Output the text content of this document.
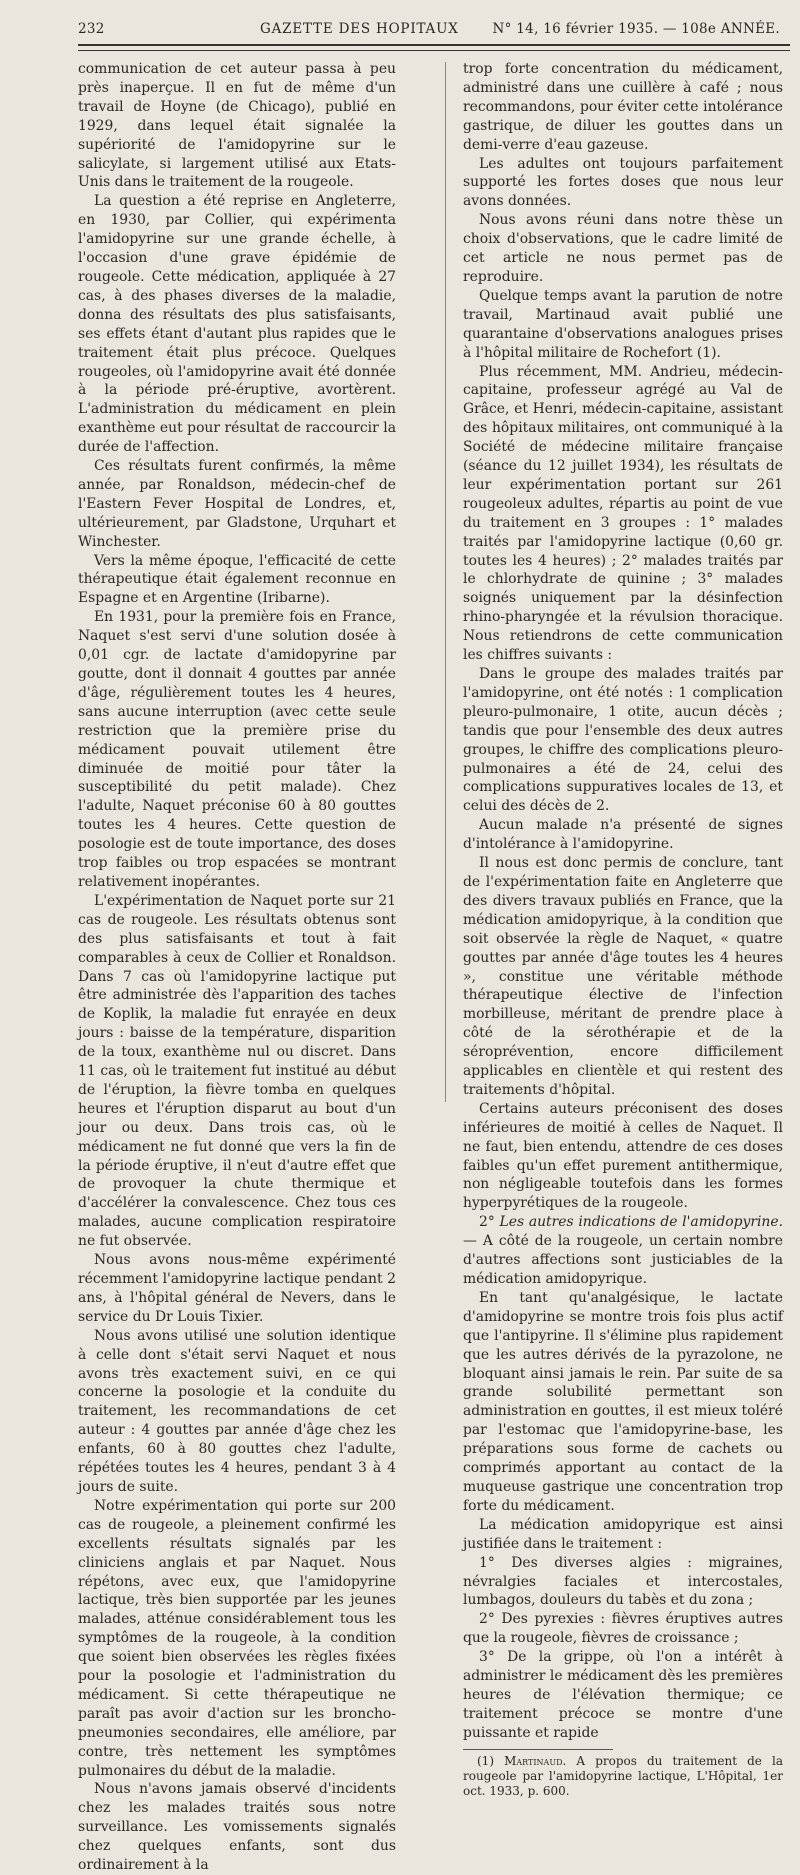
232	GAZETTE DES HOPITAUX	N° 14, 16 février 1935. — 108e ANNÉE.

communication de cet auteur passa à peu près inaperçue. Il en fut de même d'un travail de Hoyne (de Chicago), publié en 1929, dans lequel était signalée la supériorité de l'amidopyrine sur le salicylate, si largement utilisé aux Etats-Unis dans le traitement de la rougeole.

La question a été reprise en Angleterre, en 1930, par Collier, qui expérimenta l'amidopyrine sur une grande échelle, à l'occasion d'une grave épidémie de rougeole. Cette médication, appliquée à 27 cas, à des phases diverses de la maladie, donna des résultats des plus satisfaisants, ses effets étant d'autant plus rapides que le traitement était plus précoce. Quelques rougeoles, où l'amidopyrine avait été donnée à la période pré-éruptive, avortèrent. L'administration du médicament en plein exanthème eut pour résultat de raccourcir la durée de l'affection.

Ces résultats furent confirmés, la même année, par Ronaldson, médecin-chef de l'Eastern Fever Hospital de Londres, et, ultérieurement, par Gladstone, Urquhart et Winchester.

Vers la même époque, l'efficacité de cette thérapeutique était également reconnue en Espagne et en Argentine (Iribarne).

En 1931, pour la première fois en France, Naquet s'est servi d'une solution dosée à 0,01 cgr. de lactate d'amidopyrine par goutte, dont il donnait 4 gouttes par année d'âge, régulièrement toutes les 4 heures, sans aucune interruption (avec cette seule restriction que la première prise du médicament pouvait utilement être diminuée de moitié pour tâter la susceptibilité du petit malade). Chez l'adulte, Naquet préconise 60 à 80 gouttes toutes les 4 heures. Cette question de posologie est de toute importance, des doses trop faibles ou trop espacées se montrant relativement inopérantes.

L'expérimentation de Naquet porte sur 21 cas de rougeole. Les résultats obtenus sont des plus satisfaisants et tout à fait comparables à ceux de Collier et Ronaldson. Dans 7 cas où l'amidopyrine lactique put être administrée dès l'apparition des taches de Koplik, la maladie fut enrayée en deux jours : baisse de la température, disparition de la toux, exanthème nul ou discret. Dans 11 cas, où le traitement fut institué au début de l'éruption, la fièvre tomba en quelques heures et l'éruption disparut au bout d'un jour ou deux. Dans trois cas, où le médicament ne fut donné que vers la fin de la période éruptive, il n'eut d'autre effet que de provoquer la chute thermique et d'accélérer la convalescence. Chez tous ces malades, aucune complication respiratoire ne fut observée.

Nous avons nous-même expérimenté récemment l'amidopyrine lactique pendant 2 ans, à l'hôpital général de Nevers, dans le service du Dr Louis Tixier.

Nous avons utilisé une solution identique à celle dont s'était servi Naquet et nous avons très exactement suivi, en ce qui concerne la posologie et la conduite du traitement, les recommandations de cet auteur : 4 gouttes par année d'âge chez les enfants, 60 à 80 gouttes chez l'adulte, répétées toutes les 4 heures, pendant 3 à 4 jours de suite.

Notre expérimentation qui porte sur 200 cas de rougeole, a pleinement confirmé les excellents résultats signalés par les cliniciens anglais et par Naquet. Nous répétons, avec eux, que l'amidopyrine lactique, très bien supportée par les jeunes malades, atténue considérablement tous les symptômes de la rougeole, à la condition que soient bien observées les règles fixées pour la posologie et l'administration du médicament. Si cette thérapeutique ne paraît pas avoir d'action sur les broncho-pneumonies secondaires, elle améliore, par contre, très nettement les symptômes pulmonaires du début de la maladie.

Nous n'avons jamais observé d'incidents chez les malades traités sous notre surveillance. Les vomissements signalés chez quelques enfants, sont dus ordinairement à la

trop forte concentration du médicament, administré dans une cuillère à café ; nous recommandons, pour éviter cette intolérance gastrique, de diluer les gouttes dans un demi-verre d'eau gazeuse.

Les adultes ont toujours parfaitement supporté les fortes doses que nous leur avons données.

Nous avons réuni dans notre thèse un choix d'observations, que le cadre limité de cet article ne nous permet pas de reproduire.

Quelque temps avant la parution de notre travail, Martinaud avait publié une quarantaine d'observations analogues prises à l'hôpital militaire de Rochefort (1).

Plus récemment, MM. Andrieu, médecin-capitaine, professeur agrégé au Val de Grâce, et Henri, médecin-capitaine, assistant des hôpitaux militaires, ont communiqué à la Société de médecine militaire française (séance du 12 juillet 1934), les résultats de leur expérimentation portant sur 261 rougeoleux adultes, répartis au point de vue du traitement en 3 groupes : 1° malades traités par l'amidopyrine lactique (0,60 gr. toutes les 4 heures) ; 2° malades traités par le chlorhydrate de quinine ; 3° malades soignés uniquement par la désinfection rhino-pharyngée et la révulsion thoracique. Nous retiendrons de cette communication les chiffres suivants :

Dans le groupe des malades traités par l'amidopyrine, ont été notés : 1 complication pleuro-pulmonaire, 1 otite, aucun décès ; tandis que pour l'ensemble des deux autres groupes, le chiffre des complications pleuro-pulmonaires a été de 24, celui des complications suppuratives locales de 13, et celui des décès de 2.

Aucun malade n'a présenté de signes d'intolérance à l'amidopyrine.

Il nous est donc permis de conclure, tant de l'expérimentation faite en Angleterre que des divers travaux publiés en France, que la médication amidopyrique, à la condition que soit observée la règle de Naquet, « quatre gouttes par année d'âge toutes les 4 heures », constitue une véritable méthode thérapeutique élective de l'infection morbilleuse, méritant de prendre place à côté de la sérothérapie et de la séroprévention, encore difficilement applicables en clientèle et qui restent des traitements d'hôpital.

Certains auteurs préconisent des doses inférieures de moitié à celles de Naquet. Il ne faut, bien entendu, attendre de ces doses faibles qu'un effet purement antithermique, non négligeable toutefois dans les formes hyperpyrétiques de la rougeole.

2° Les autres indications de l'amidopyrine. — A côté de la rougeole, un certain nombre d'autres affections sont justiciables de la médication amidopyrique.

En tant qu'analgésique, le lactate d'amidopyrine se montre trois fois plus actif que l'antipyrine. Il s'élimine plus rapidement que les autres dérivés de la pyrazolone, ne bloquant ainsi jamais le rein. Par suite de sa grande solubilité permettant son administration en gouttes, il est mieux toléré par l'estomac que l'amidopyrine-base, les préparations sous forme de cachets ou comprimés apportant au contact de la muqueuse gastrique une concentration trop forte du médicament.

La médication amidopyrique est ainsi justifiée dans le traitement :

1° Des diverses algies : migraines, névralgies faciales et intercostales, lumbagos, douleurs du tabès et du zona ;

2° Des pyrexies : fièvres éruptives autres que la rougeole, fièvres de croissance ;

3° De la grippe, où l'on a intérêt à administrer le médicament dès les premières heures de l'élévation thermique; ce traitement précoce se montre d'une puissante et rapide

(1) Martinaud. A propos du traitement de la rougeole par l'amidopyrine lactique, L'Hôpital, 1er oct. 1933, p. 600.
